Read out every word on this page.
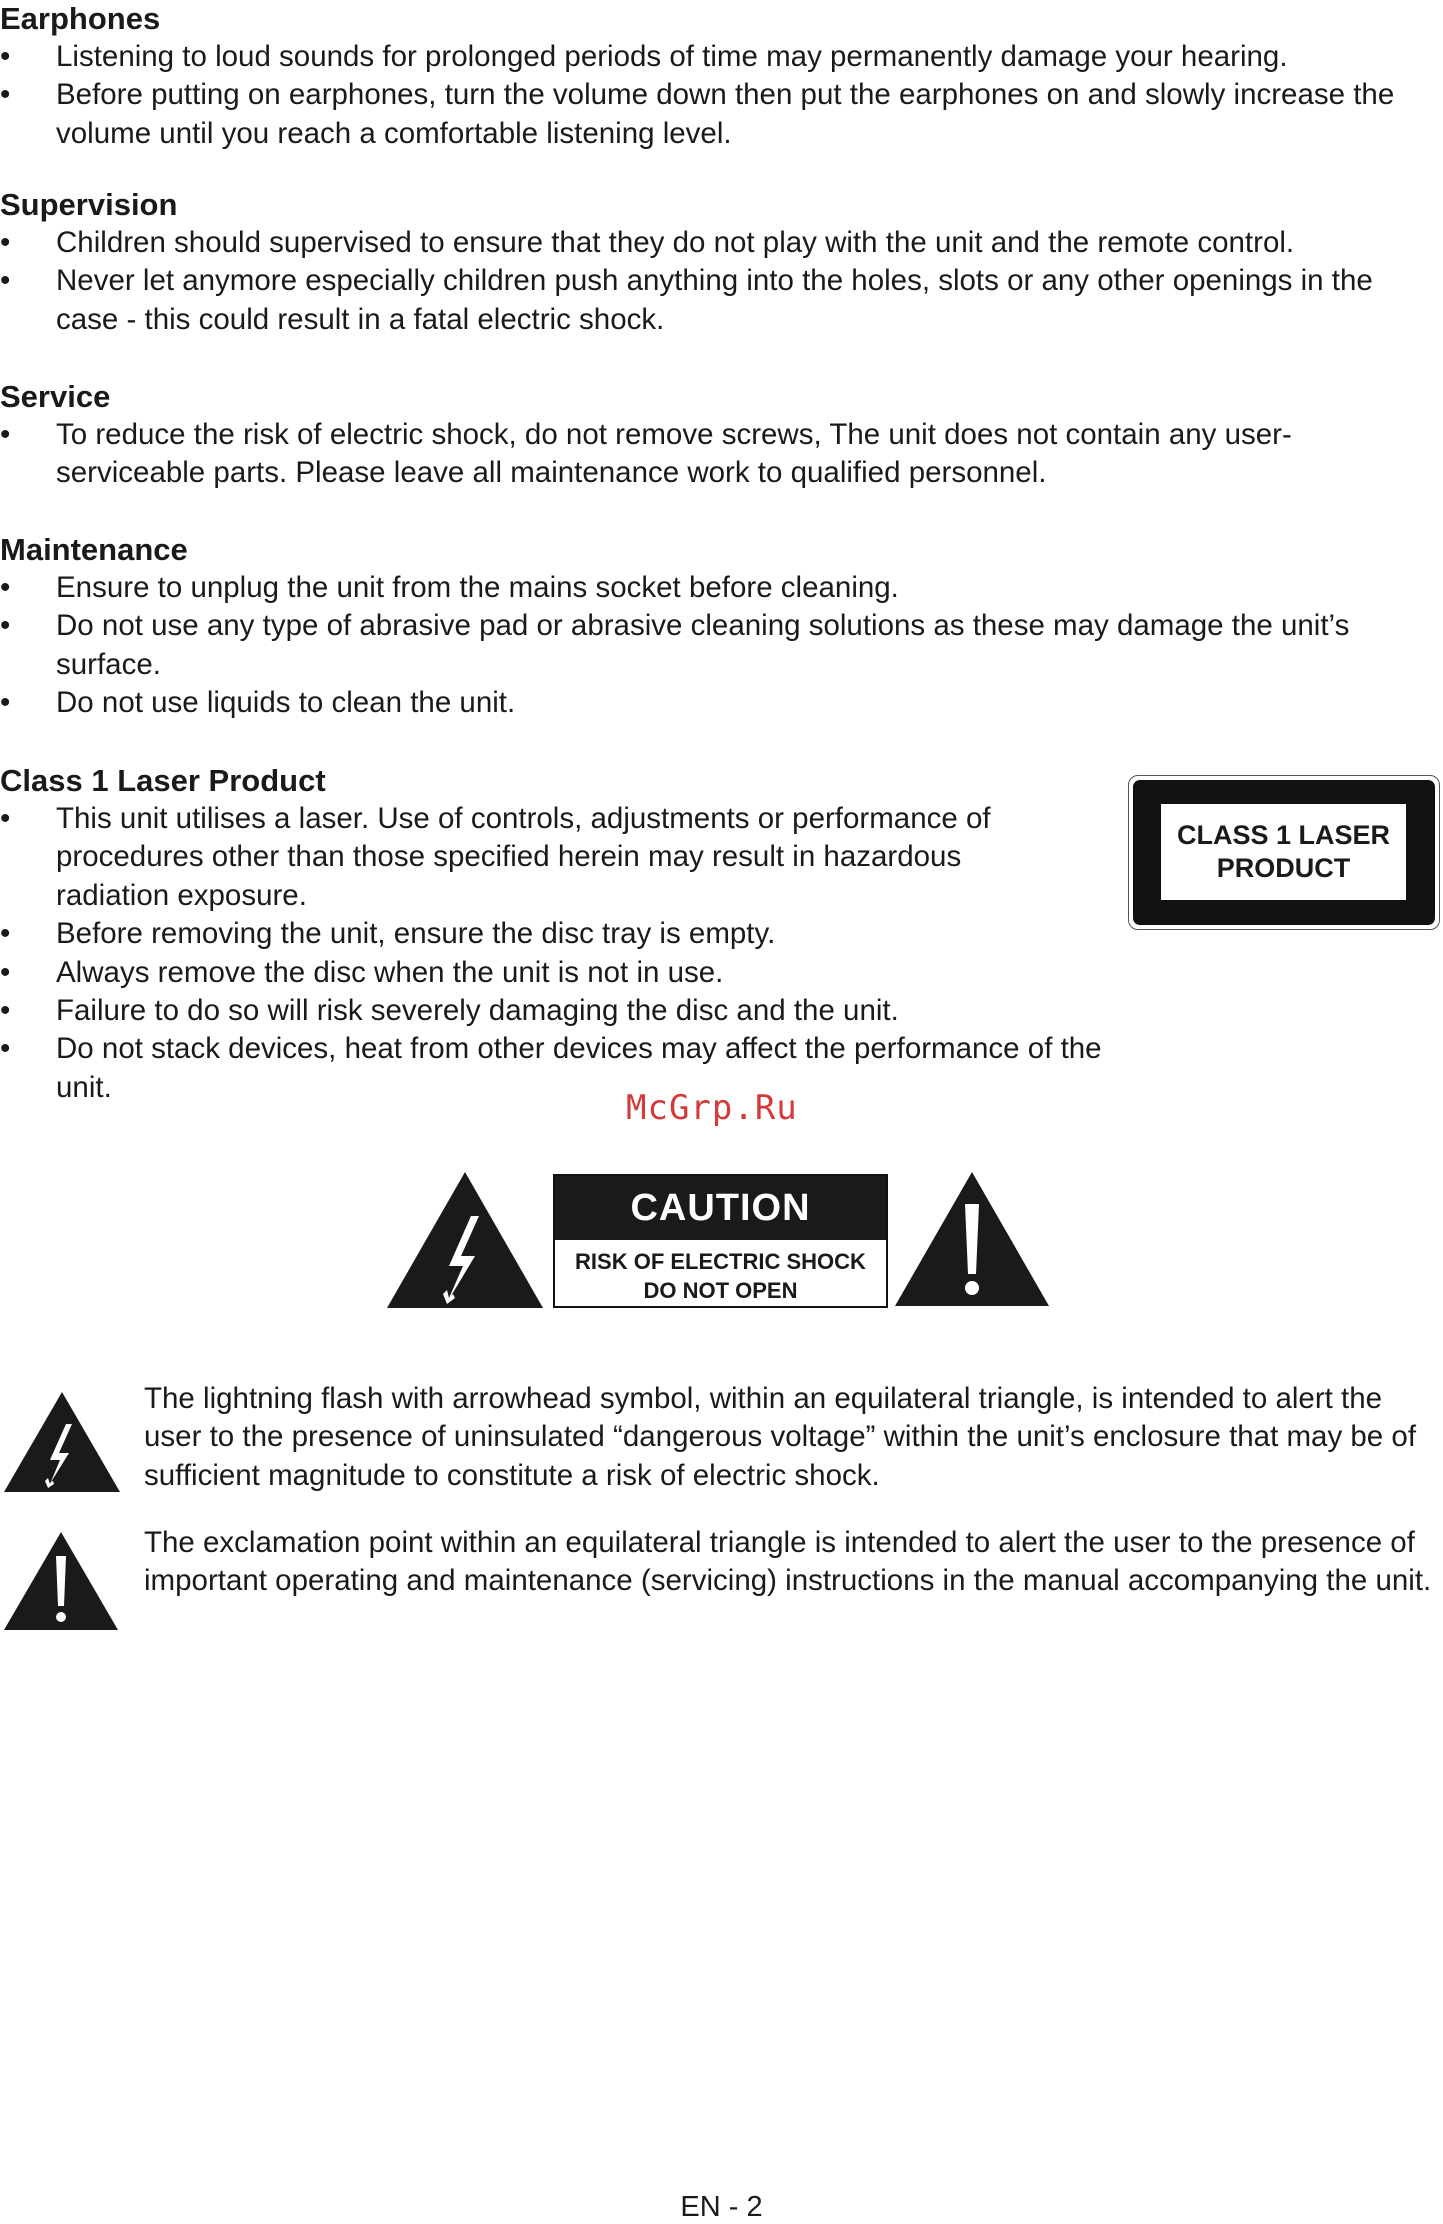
Earphones
•	Listening to loud sounds for prolonged periods of time may permanently damage your hearing.
•	Before putting on earphones, turn the volume down then put the earphones on and slowly increase the volume until you reach a comfortable listening level.
Supervision
•	Children should supervised to ensure that they do not play with the unit and the remote control.
•	Never let anymore especially children push anything into the holes, slots or any other openings in the case - this could result in a fatal electric shock.
Service
•	To reduce the risk of electric shock, do not remove screws, The unit does not contain any user-serviceable parts. Please leave all maintenance work to qualified personnel.
Maintenance
•	Ensure to unplug the unit from the mains socket before cleaning.
•	Do not use any type of abrasive pad or abrasive cleaning solutions as these may damage the unit’s surface.
•	Do not use liquids to clean the unit.
Class 1 Laser Product
•	This unit utilises a laser. Use of controls, adjustments or performance of procedures other than those specified herein may result in hazardous radiation exposure.
•	Before removing the unit, ensure the disc tray is empty.
•	Always remove the disc when the unit is not in use.
•	Failure to do so will risk severely damaging the disc and the unit.
•	Do not stack devices, heat from other devices may affect the performance of the unit.
CLASS 1 LASER
PRODUCT
McGrp.Ru
CAUTION
RISK OF ELECTRIC SHOCK
DO NOT OPEN

The lightning flash with arrowhead symbol, within an equilateral triangle, is intended to alert the user to the presence of uninsulated “dangerous voltage” within the unit’s enclosure that may be of sufficient magnitude to constitute a risk of electric shock.

The exclamation point within an equilateral triangle is intended to alert the user to the presence of important operating and maintenance (servicing) instructions in the manual accompanying the unit.

EN - 2
